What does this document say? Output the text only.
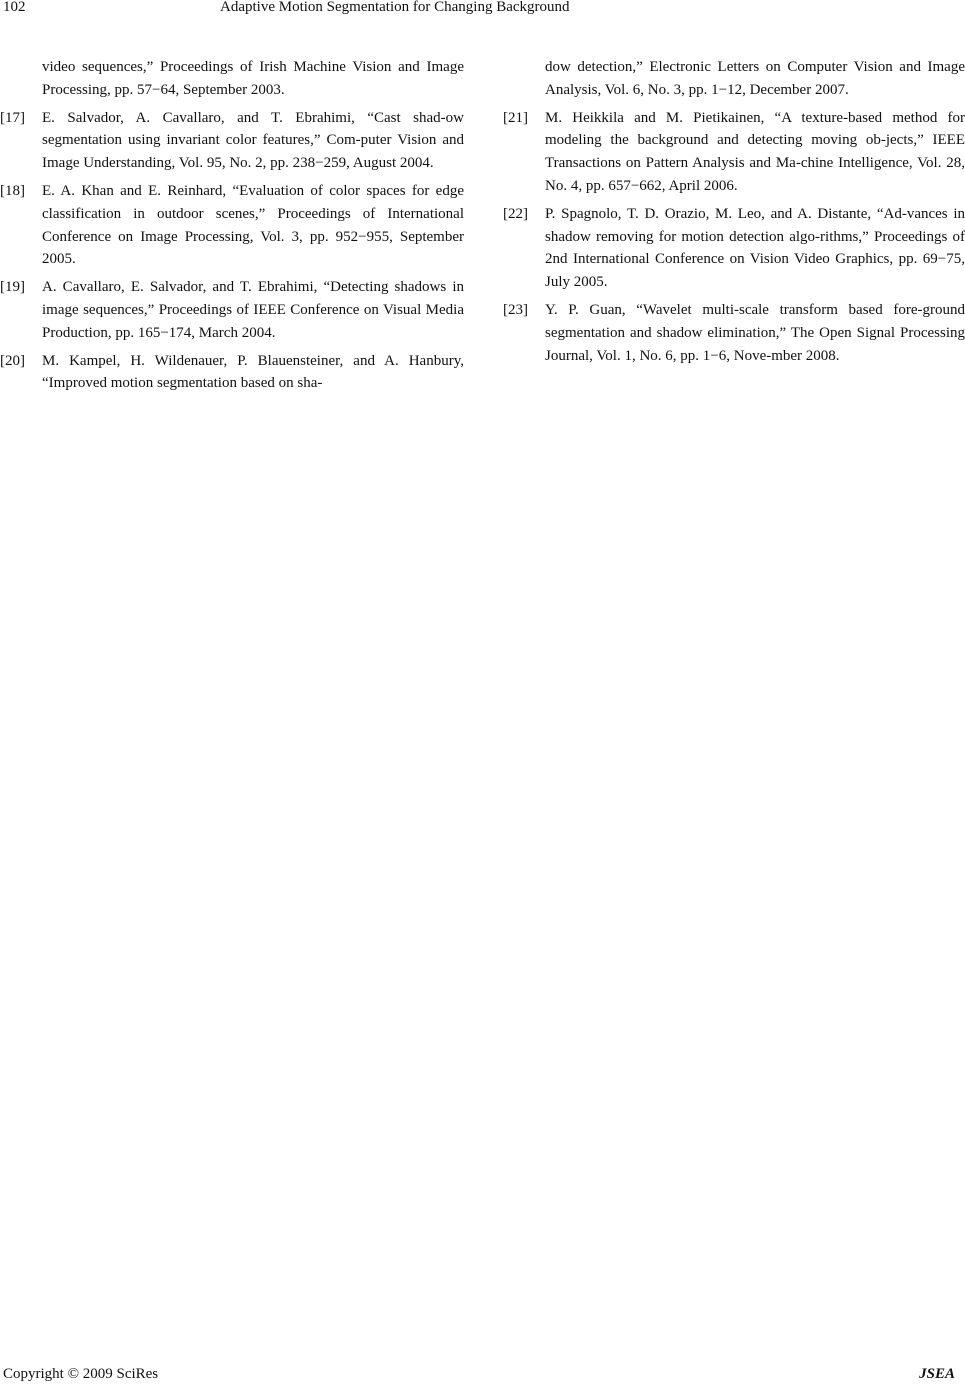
102	Adaptive Motion Segmentation for Changing Background
video sequences,” Proceedings of Irish Machine Vision and Image Processing, pp. 57−64, September 2003.
[17]	E. Salvador, A. Cavallaro, and T. Ebrahimi, “Cast shad-ow segmentation using invariant color features,” Com-puter Vision and Image Understanding, Vol. 95, No. 2, pp. 238−259, August 2004.
[18]	E. A. Khan and E. Reinhard, “Evaluation of color spaces for edge classification in outdoor scenes,” Proceedings of International Conference on Image Processing, Vol. 3, pp. 952−955, September 2005.
[19]	A. Cavallaro, E. Salvador, and T. Ebrahimi, “Detecting shadows in image sequences,” Proceedings of IEEE Conference on Visual Media Production, pp. 165−174, March 2004.
[20]	M. Kampel, H. Wildenauer, P. Blauensteiner, and A. Hanbury, “Improved motion segmentation based on sha-
dow detection,” Electronic Letters on Computer Vision and Image Analysis, Vol. 6, No. 3, pp. 1−12, December 2007.
[21]	M. Heikkila and M. Pietikainen, “A texture-based method for modeling the background and detecting moving ob-jects,” IEEE Transactions on Pattern Analysis and Ma-chine Intelligence, Vol. 28, No. 4, pp. 657−662, April 2006.
[22]	P. Spagnolo, T. D. Orazio, M. Leo, and A. Distante, “Ad-vances in shadow removing for motion detection algo-rithms,” Proceedings of 2nd International Conference on Vision Video Graphics, pp. 69−75, July 2005.
[23]	Y. P. Guan, “Wavelet multi-scale transform based fore-ground segmentation and shadow elimination,” The Open Signal Processing Journal, Vol. 1, No. 6, pp. 1−6, Nove-mber 2008.
Copyright © 2009 SciRes	JSEA
